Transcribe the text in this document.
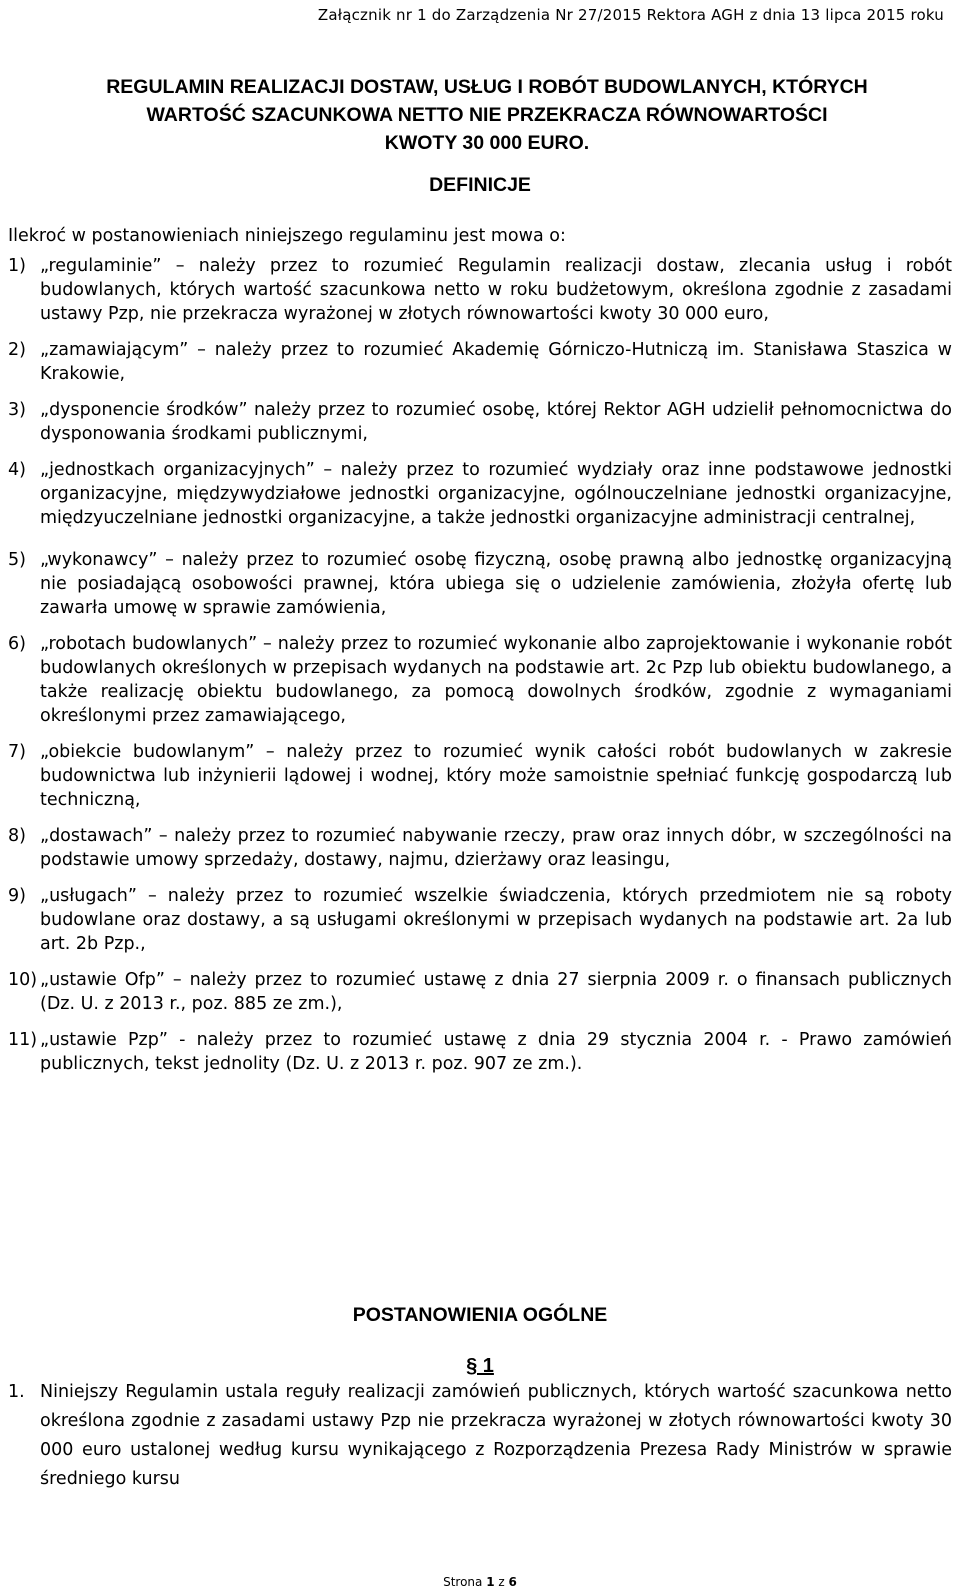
Załącznik nr 1 do Zarządzenia Nr 27/2015 Rektora AGH z dnia 13 lipca 2015 roku
REGULAMIN REALIZACJI DOSTAW, USŁUG I ROBÓT BUDOWLANYCH, KTÓRYCH
WARTOŚĆ SZACUNKOWA NETTO NIE PRZEKRACZA RÓWNOWARTOŚCI
KWOTY 30 000 EURO.
DEFINICJE
Ilekroć w postanowieniach niniejszego regulaminu jest mowa o:
1) „regulaminie” – należy przez to rozumieć Regulamin realizacji dostaw, zlecania usług i robót budowlanych, których wartość szacunkowa netto w roku budżetowym, określona zgodnie z zasadami ustawy Pzp, nie przekracza wyrażonej w złotych równowartości kwoty 30 000 euro,
2) „zamawiającym” – należy przez to rozumieć Akademię Górniczo-Hutniczą im. Stanisława Staszica w Krakowie,
3) „dysponencie środków” należy przez to rozumieć osobę, której Rektor AGH udzielił pełnomocnictwa do dysponowania środkami publicznymi,
4) „jednostkach organizacyjnych” – należy przez to rozumieć wydziały oraz inne podstawowe jednostki organizacyjne, międzywydziałowe jednostki organizacyjne, ogólnouczelniane jednostki organizacyjne, międzyuczelniane jednostki organizacyjne, a także jednostki organizacyjne administracji centralnej,
5) „wykonawcy” – należy przez to rozumieć osobę fizyczną, osobę prawną albo jednostkę organizacyjną nie posiadającą osobowości prawnej, która ubiega się o udzielenie zamówienia, złożyła ofertę lub zawarła umowę w sprawie zamówienia,
6) „robotach budowlanych” – należy przez to rozumieć wykonanie albo zaprojektowanie i wykonanie robót budowlanych określonych w przepisach wydanych na podstawie art. 2c Pzp lub obiektu budowlanego, a także realizację obiektu budowlanego, za pomocą dowolnych środków, zgodnie z wymaganiami określonymi przez zamawiającego,
7) „obiekcie budowlanym” – należy przez to rozumieć wynik całości robót budowlanych w zakresie budownictwa lub inżynierii lądowej i wodnej, który może samoistnie spełniać funkcję gospodarczą lub techniczną,
8) „dostawach” – należy przez to rozumieć nabywanie rzeczy, praw oraz innych dóbr, w szczególności na podstawie umowy sprzedaży, dostawy, najmu, dzierżawy oraz leasingu,
9) „usługach” – należy przez to rozumieć wszelkie świadczenia, których przedmiotem nie są roboty budowlane oraz dostawy, a są usługami określonymi w przepisach wydanych na podstawie art. 2a lub art. 2b Pzp.,
10) „ustawie Ofp” – należy przez to rozumieć ustawę z dnia 27 sierpnia 2009 r. o finansach publicznych (Dz. U. z 2013 r., poz. 885 ze zm.),
11) „ustawie Pzp” - należy przez to rozumieć ustawę z dnia 29 stycznia 2004 r. - Prawo zamówień publicznych, tekst jednolity (Dz. U. z 2013 r. poz. 907 ze zm.).
POSTANOWIENIA OGÓLNE
§ 1
1. Niniejszy Regulamin ustala reguły realizacji zamówień publicznych, których wartość szacunkowa netto określona zgodnie z zasadami ustawy Pzp nie przekracza wyrażonej w złotych równowartości kwoty 30 000 euro ustalonej według kursu wynikającego z Rozporządzenia Prezesa Rady Ministrów w sprawie średniego kursu
Strona 1 z 6
